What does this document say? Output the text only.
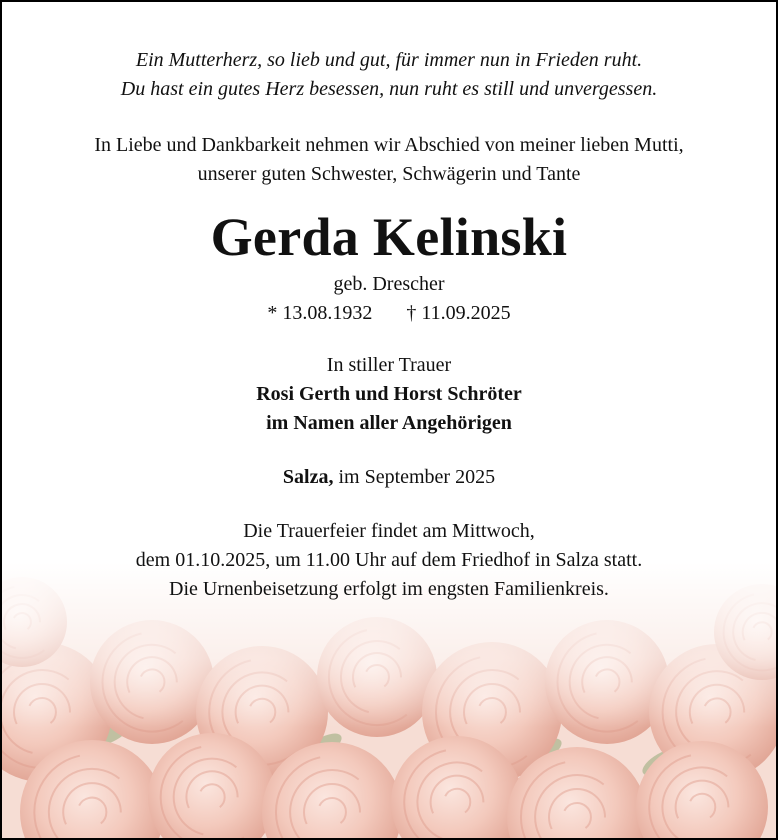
Ein Mutterherz, so lieb und gut, für immer nun in Frieden ruht.
Du hast ein gutes Herz besessen, nun ruht es still und unvergessen.
In Liebe und Dankbarkeit nehmen wir Abschied von meiner lieben Mutti,
unserer guten Schwester, Schwägerin und Tante
Gerda Kelinski
geb. Drescher
* 13.08.1932 † 11.09.2025
In stiller Trauer
Rosi Gerth und Horst Schröter
im Namen aller Angehörigen
Salza, im September 2025
Die Trauerfeier findet am Mittwoch,
dem 01.10.2025, um 11.00 Uhr auf dem Friedhof in Salza statt.
Die Urnenbeisetzung erfolgt im engsten Familienkreis.
